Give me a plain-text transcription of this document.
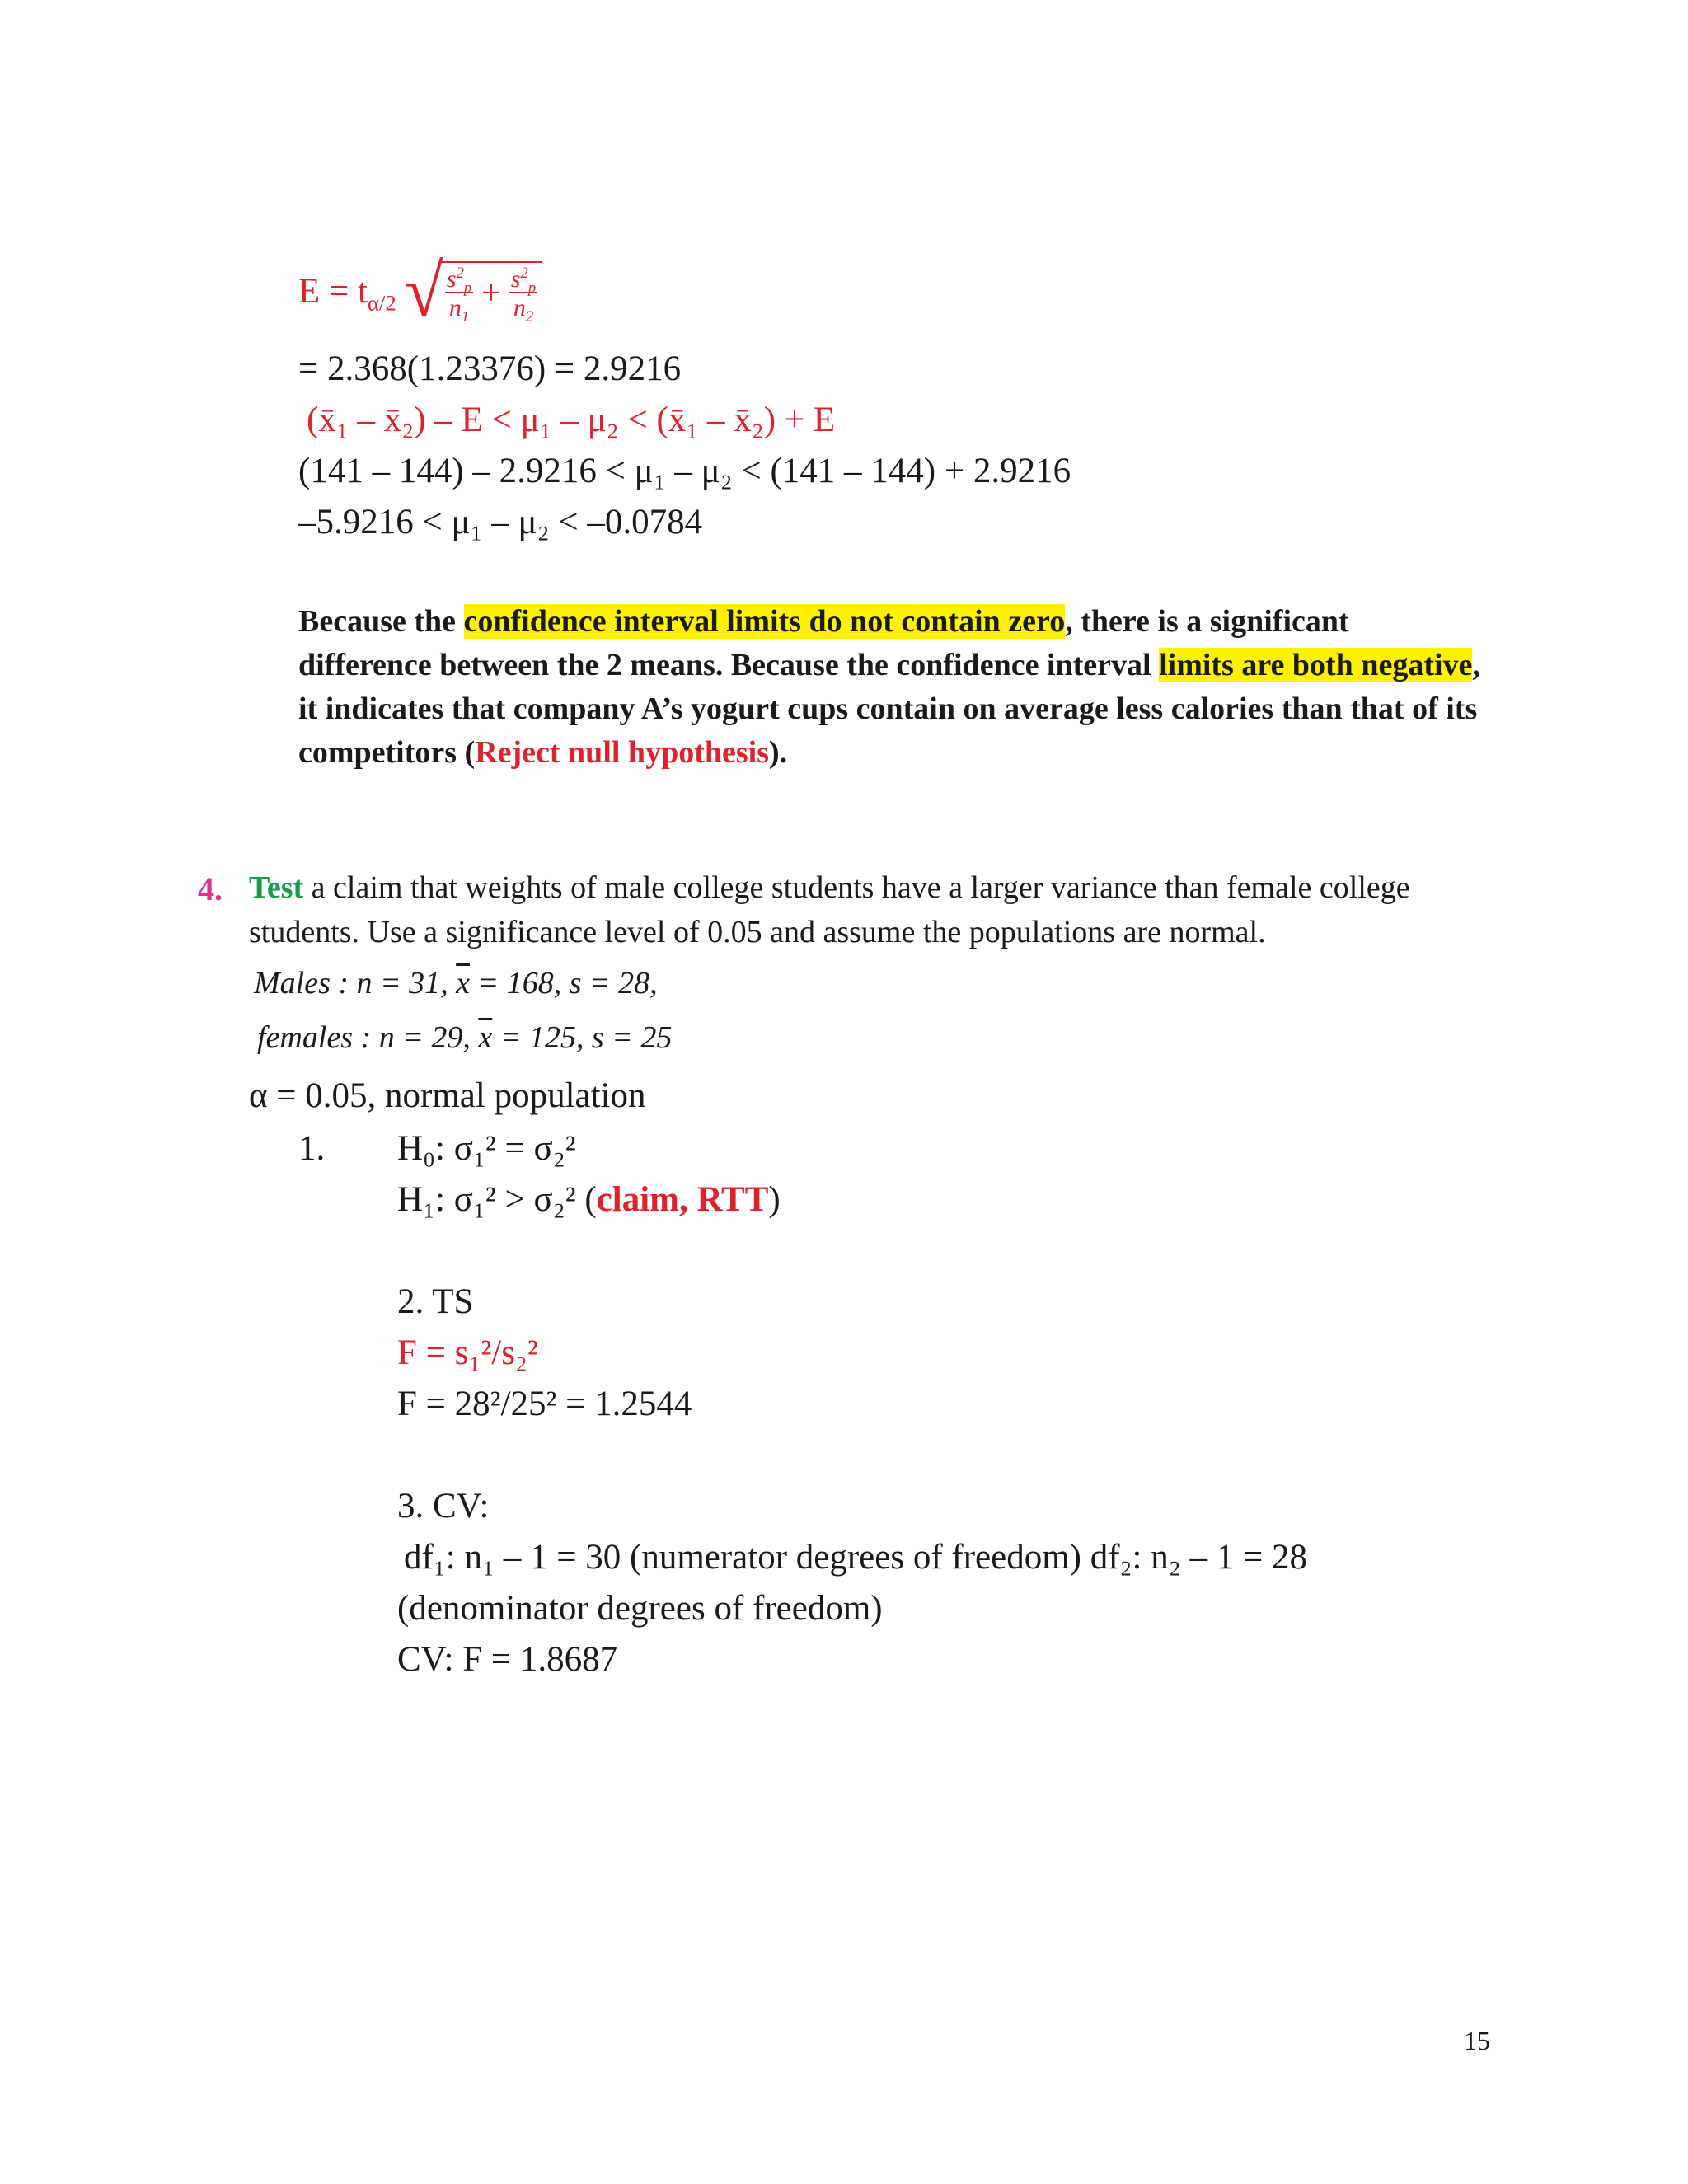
$E = t_{\alpha/2}$ √ $\frac{s^2_p}{n_1} + \frac{s^2_p}{n_2}$
= 2.368(1.23376) = 2.9216
(x̄₁ – x̄₂) – E < μ₁ – μ₂ < (x̄₁ – x̄₂) + E
(141 – 144) – 2.9216 < μ₁ – μ₂ < (141 – 144) + 2.9216
–5.9216 < μ₁ – μ₂ < –0.0784
Because the confidence interval limits do not contain zero, there is a significant difference between the 2 means. Because the confidence interval limits are both negative, it indicates that company A’s yogurt cups contain on average less calories than that of its competitors (Reject null hypothesis).
4. Test a claim that weights of male college students have a larger variance than female college students. Use a significance level of 0.05 and assume the populations are normal.
Males : n = 31, $\overline{x} = 168$, s = 28,
females : n = 29, $\overline{x} = 125$, s = 25
α = 0.05, normal population
1. H₀: σ₁² = σ₂²
H₁: σ₁² > σ₂² (claim, RTT)
2. TS
F = s₁²/s₂²
F = 28²/25² = 1.2544
3. CV:
df₁: n₁ – 1 = 30 (numerator degrees of freedom) df₂: n₂ – 1 = 28
(denominator degrees of freedom)
CV: F = 1.8687
15
